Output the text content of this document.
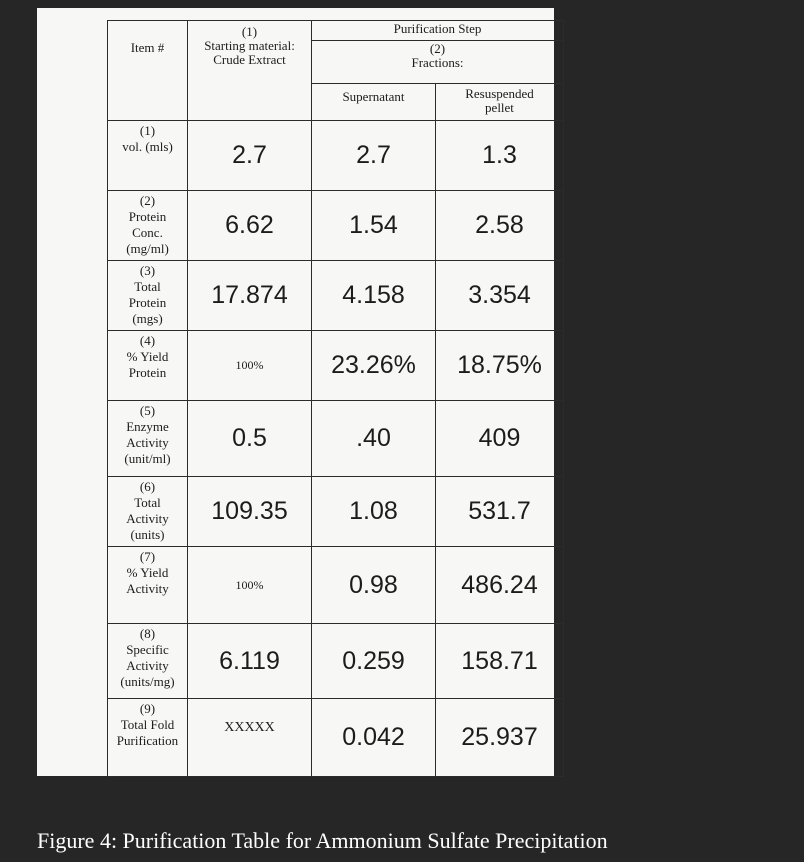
Item #	(1)
Starting material:
Crude Extract	Purification Step	

		(2)
Fractions:	

		Supernatant	Resuspended
pellet

(1)
vol. (mls)	2.7	2.7	1.3

(2)
Protein
Conc.
(mg/ml)	6.62	1.54	2.58

(3)
Total
Protein
(mgs)	17.874	4.158	3.354

(4)
% Yield
Protein	100%	23.26%	18.75%

(5)
Enzyme
Activity
(unit/ml)	0.5	.40	409

(6)
Total
Activity
(units)	109.35	1.08	531.7

(7)
% Yield
Activity	100%	0.98	486.24

(8)
Specific
Activity
(units/mg)	6.119	0.259	158.71

(9)
Total Fold
Purification	XXXXX	0.042	25.937
Figure 4: Purification Table for Ammonium Sulfate Precipitation
